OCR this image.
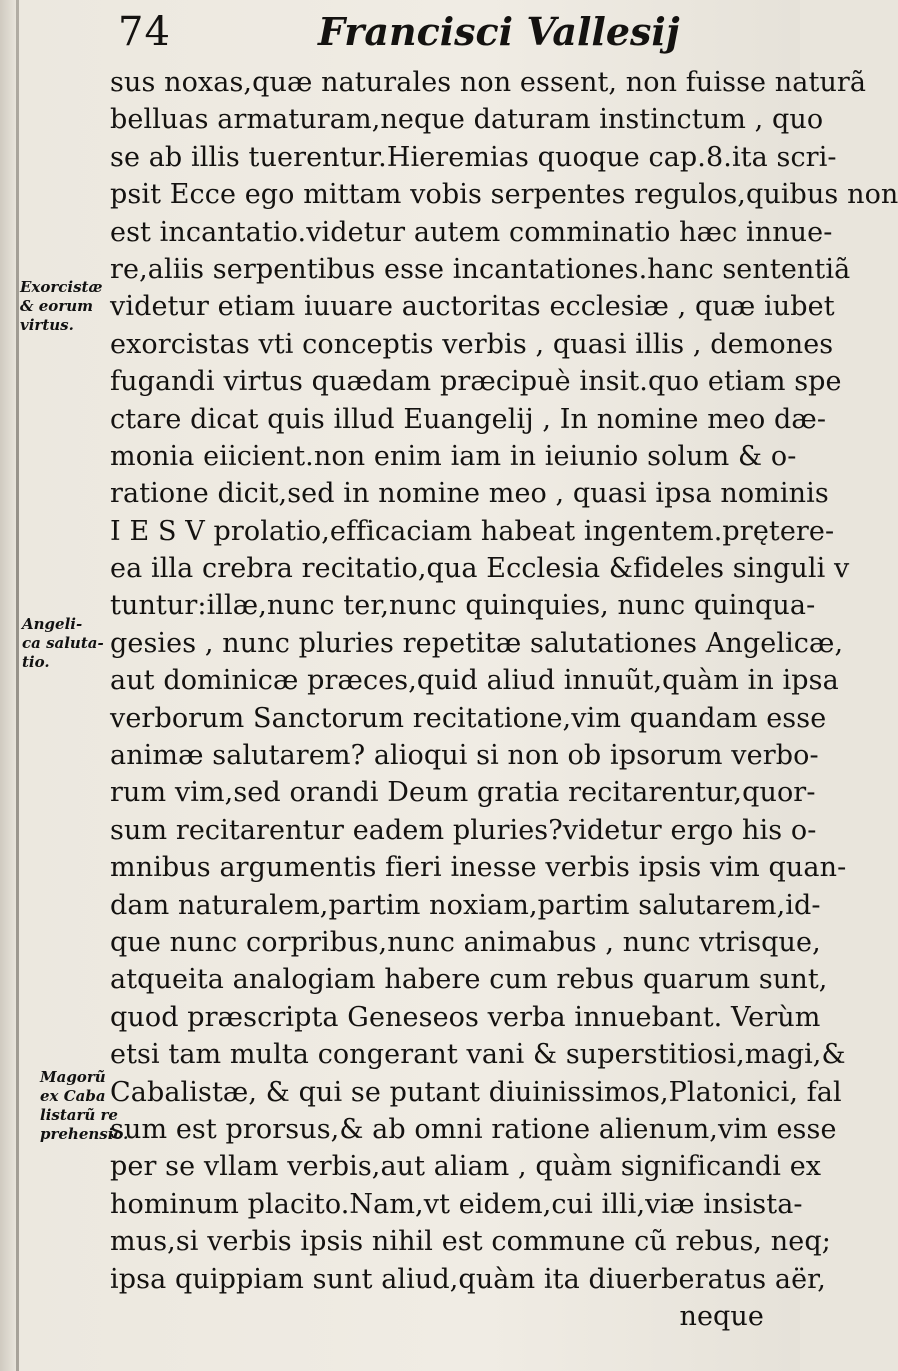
74	Francisci Vallesij
sus noxas,quæ naturales non essent, non fuisse naturã
belluas armaturam,neque daturam instinctum , quo
se ab illis tuerentur.Hieremias quoque cap.8.ita scri-
psit Ecce ego mittam vobis serpentes regulos,quibus non
est incantatio.videtur autem comminatio hæc innue-
re,aliis serpentibus esse incantationes.hanc sententiã
videtur etiam iuuare auctoritas ecclesiæ , quæ iubet
exorcistas vti conceptis verbis , quasi illis , demones
fugandi virtus quædam præcipuè insit.quo etiam spe
ctare dicat quis illud Euangelij , In nomine meo dæ-
monia eiicient.non enim iam in ieiunio solum & o-
ratione dicit,sed in nomine meo , quasi ipsa nominis
I E S V prolatio,efficaciam habeat ingentem.prętere-
ea illa crebra recitatio,qua Ecclesia &fideles singuli v
tuntur:illæ,nunc ter,nunc quinquies, nunc quinqua-
gesies , nunc pluries repetitæ salutationes Angelicæ,
aut dominicæ præces,quid aliud innuũt,quàm in ipsa
verborum Sanctorum recitatione,vim quandam esse
animæ salutarem? alioqui si non ob ipsorum verbo-
rum vim,sed orandi Deum gratia recitarentur,quor-
sum recitarentur eadem pluries?videtur ergo his o-
mnibus argumentis fieri inesse verbis ipsis vim quan-
dam naturalem,partim noxiam,partim salutarem,id-
que nunc corpribus,nunc animabus , nunc vtrisque,
atqueita analogiam habere cum rebus quarum sunt,
quod præscripta Geneseos verba innuebant. Verùm
etsi tam multa congerant vani & superstitiosi,magi,&
Cabalistæ, & qui se putant diuinissimos,Platonici, fal
sum est prorsus,& ab omni ratione alienum,vim esse
per se vllam verbis,aut aliam , quàm significandi ex
hominum placito.Nam,vt eidem,cui illi,viæ insista-
mus,si verbis ipsis nihil est commune cũ rebus, neq;
ipsa quippiam sunt aliud,quàm ita diuerberatus aër,
neque
Exorcistæ
& eorum
virtus.
Angeli-
ca saluta-
tio.
Magorũ
ex Caba
listarũ re
prehensio.
